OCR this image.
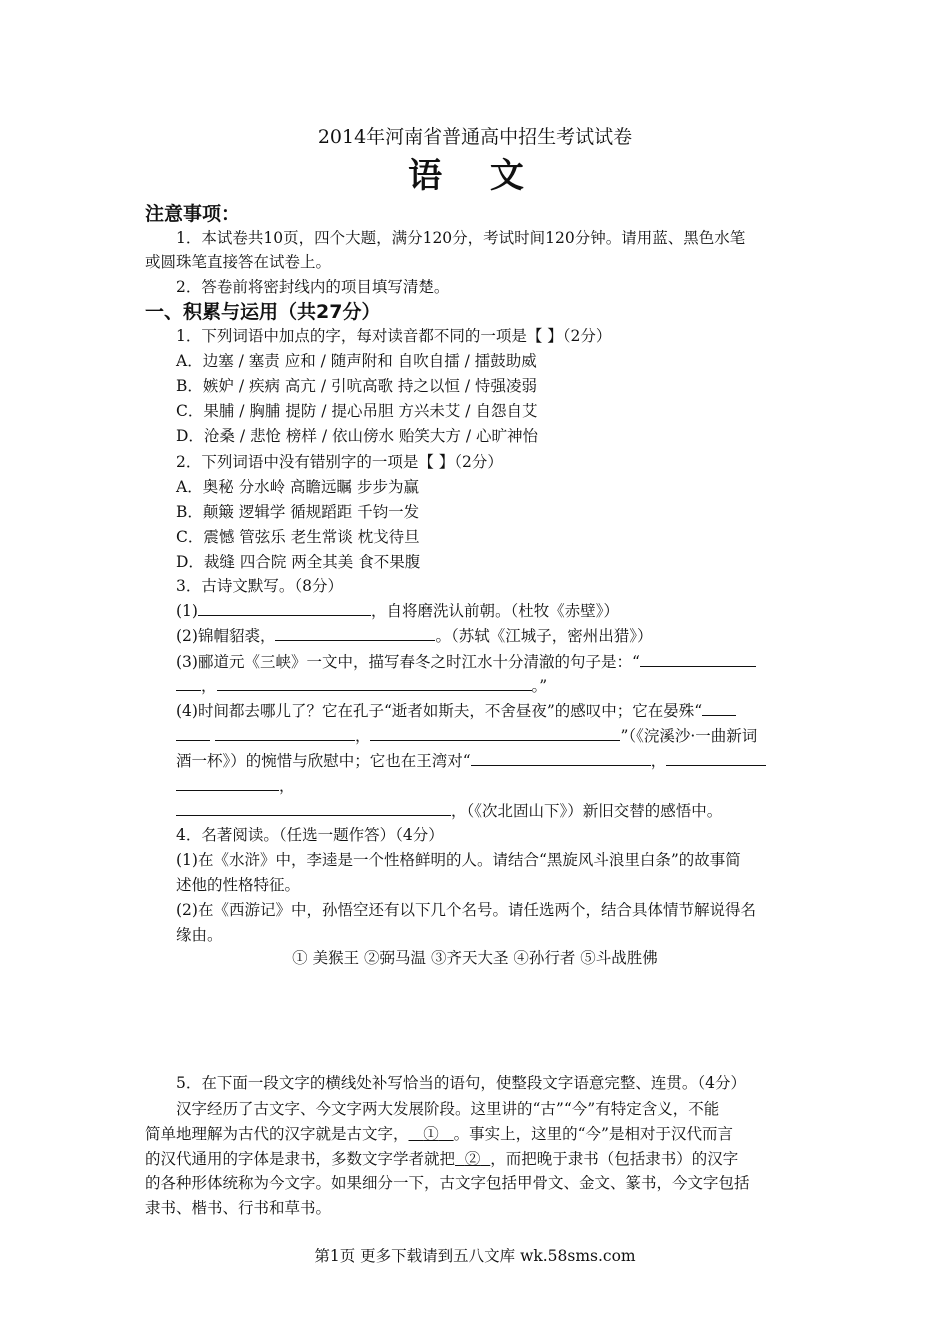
2014年河南省普通高中招生考试试卷
语 文
注意事项：
1．本试卷共10页，四个大题，满分120分，考试时间120分钟。请用蓝、黑色水笔
或圆珠笔直接答在试卷上。
2．答卷前将密封线内的项目填写清楚。
一、积累与运用（共27分）
1．下列词语中加点的字，每对读音都不同的一项是【 】（2分）
A．边塞 / 塞责 应和 / 随声附和 自吹自擂 / 擂鼓助威
B．嫉妒 / 疾病 高亢 / 引吭高歌 持之以恒 / 恃强凌弱
C．果脯 / 胸脯 提防 / 提心吊胆 方兴未艾 / 自怨自艾
D．沧桑 / 悲怆 榜样 / 依山傍水 贻笑大方 / 心旷神怡
2．下列词语中没有错别字的一项是【 】（2分）
A．奥秘 分水岭 高瞻远瞩 步步为赢
B．颠簸 逻辑学 循规蹈距 千钧一发
C．震憾 管弦乐 老生常谈 枕戈待旦
D．裁缝 四合院 两全其美 食不果腹
3．古诗文默写。（8分）
(1)	，自将磨洗认前朝。（杜牧《赤壁》）
(2)锦帽貂裘，	。（苏轼《江城子，密州出猎》）
(3)郦道元《三峡》一文中，描写春冬之时江水十分清澈的句子是：“
，	。”
(4)时间都去哪儿了？它在孔子“逝者如斯夫，不舍昼夜”的感叹中；它在晏殊“
，	”（《浣溪沙·一曲新词
酒一杯》）的惋惜与欣慰中；它也在王湾对“	，
，
，（《次北固山下》）新旧交替的感悟中。
4．名著阅读。（任选一题作答）（4分）
(1)在《水浒》中，李逵是一个性格鲜明的人。请结合“黑旋风斗浪里白条”的故事简
述他的性格特征。
(2)在《西游记》中，孙悟空还有以下几个名号。请任选两个，结合具体情节解说得名
缘由。
① 美猴王 ②弼马温 ③齐天大圣 ④孙行者 ⑤斗战胜佛
5．在下面一段文字的横线处补写恰当的语句，使整段文字语意完整、连贯。（4分）
汉字经历了古文字、今文字两大发展阶段。这里讲的“古”“今”有特定含义，不能
简单地理解为古代的汉字就是古文字， ① 。事实上，这里的“今”是相对于汉代而言
的汉代通用的字体是隶书，多数文字学者就把 ② ，而把晚于隶书（包括隶书）的汉字
的各种形体统称为今文字。如果细分一下，古文字包括甲骨文、金文、篆书，今文字包括
隶书、楷书、行书和草书。
第1页 更多下载请到五八文库 wk.58sms.com
